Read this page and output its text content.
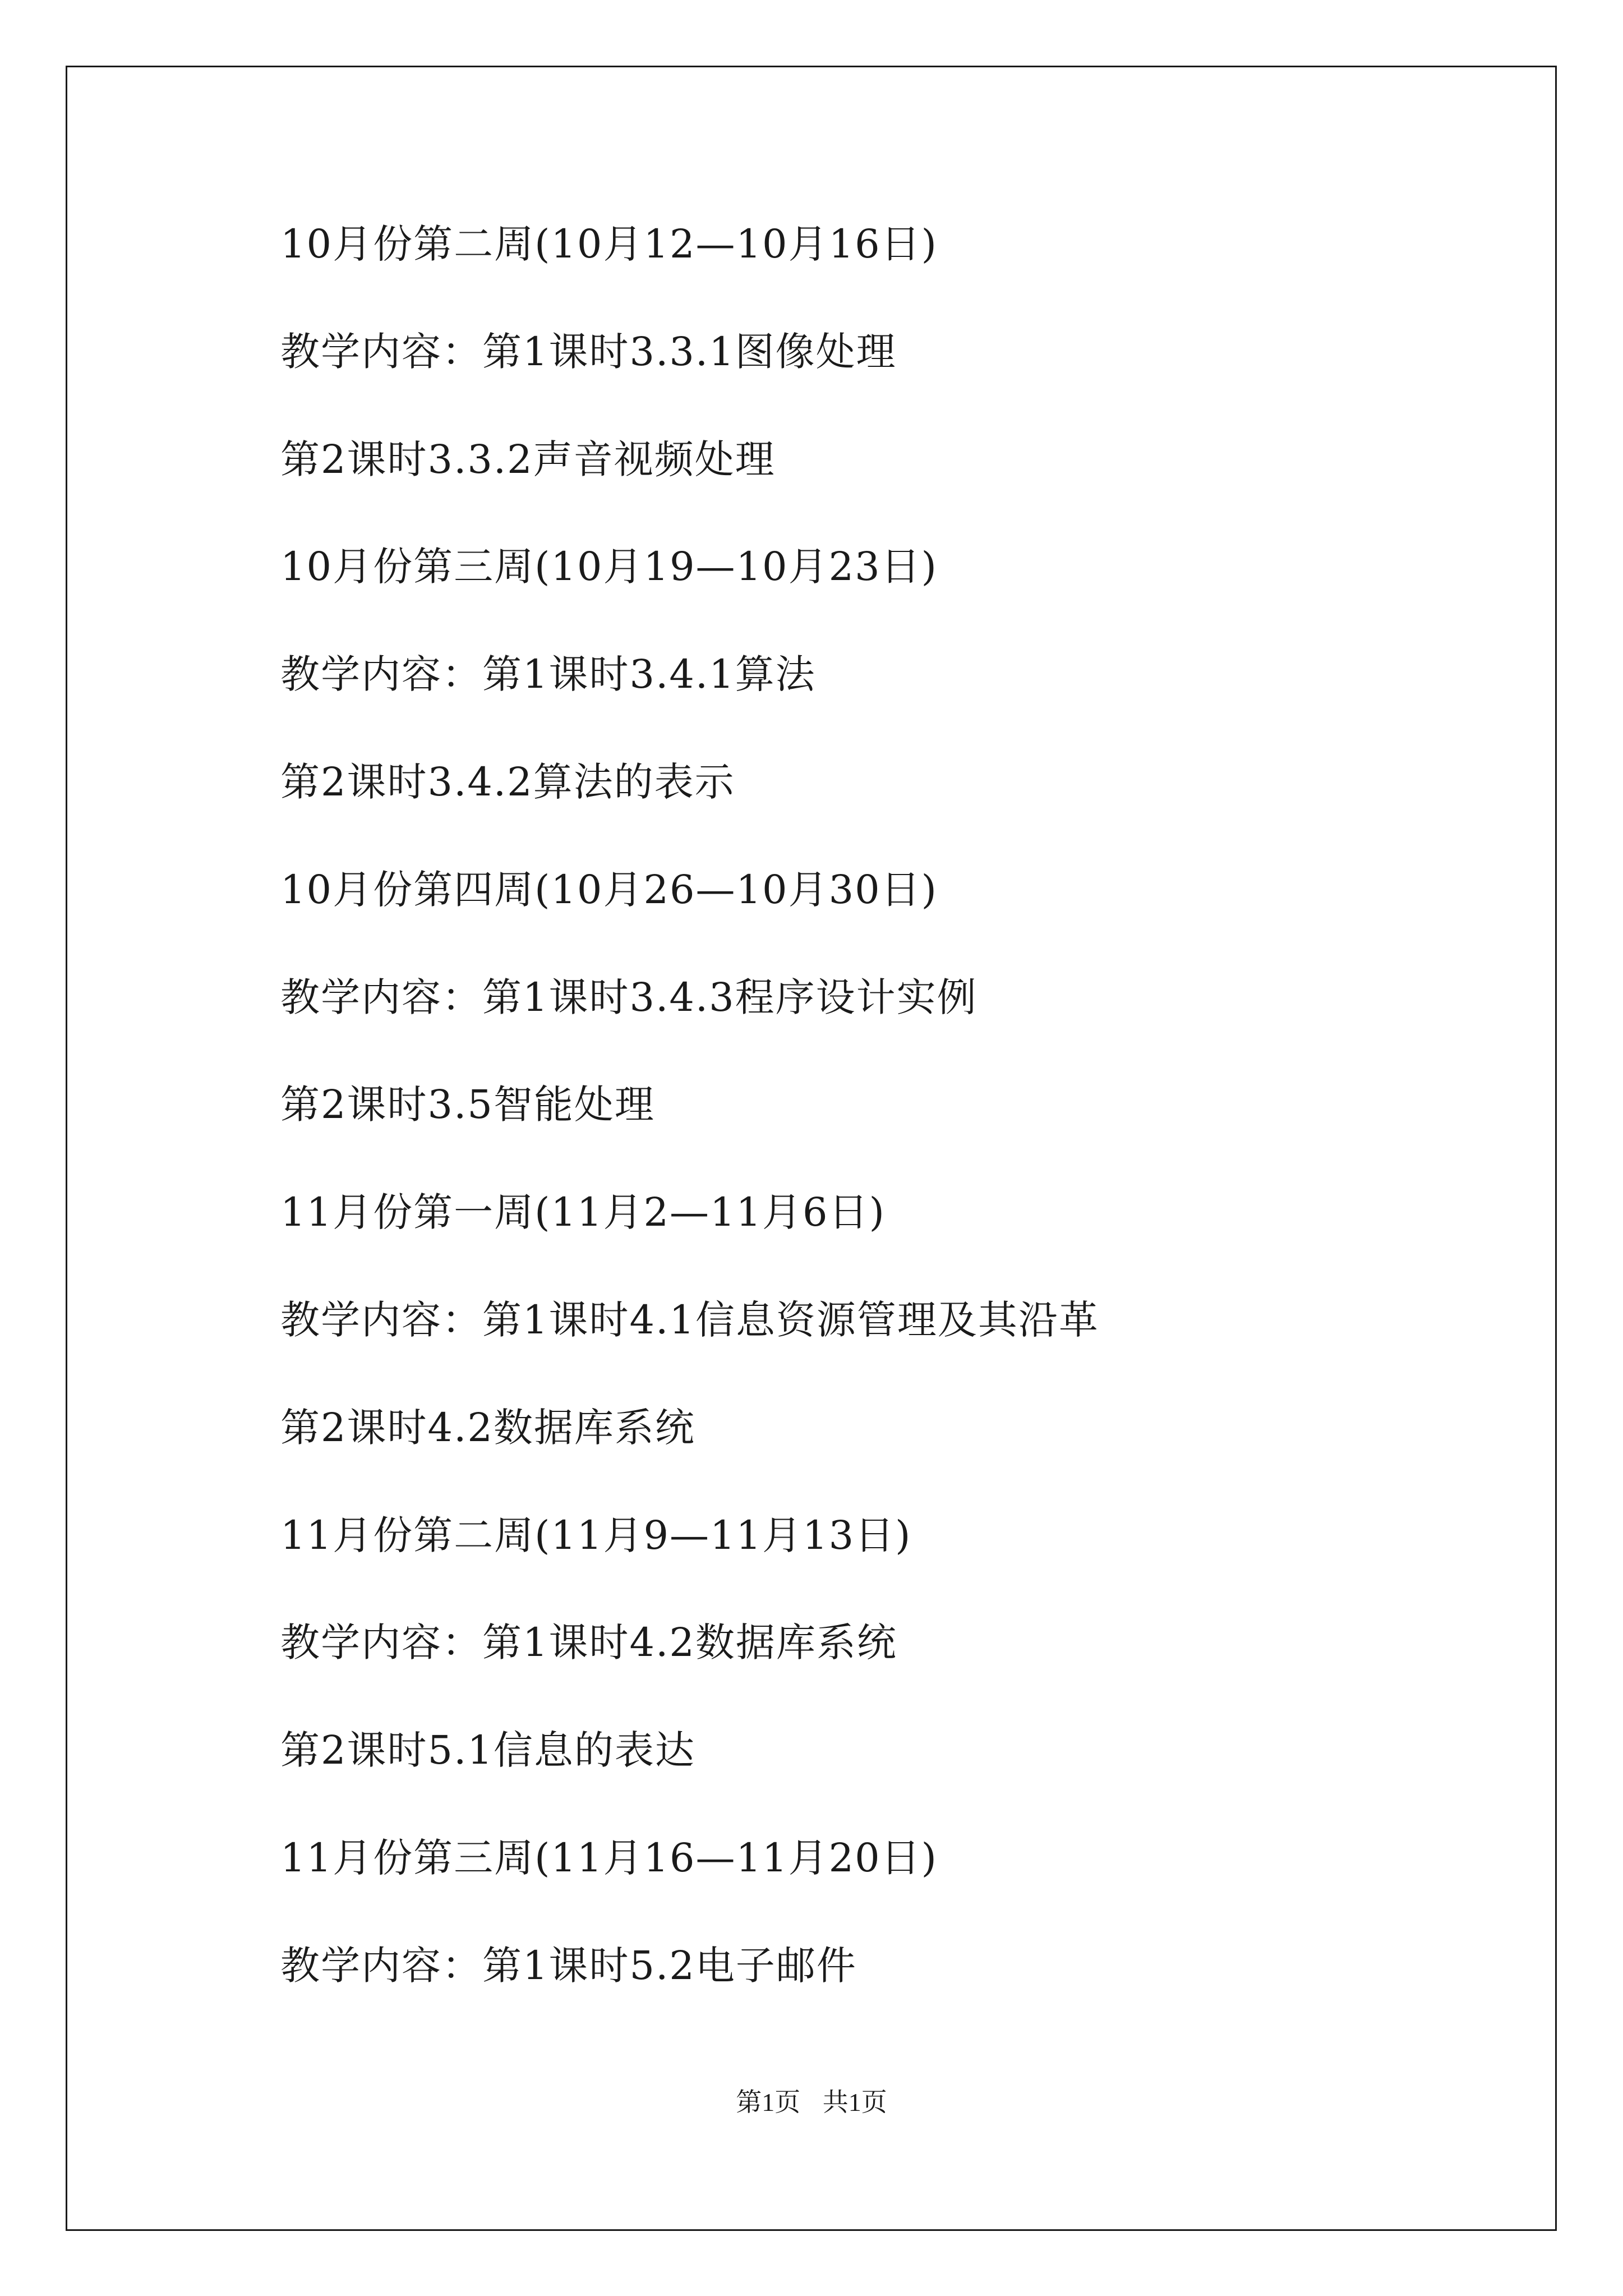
10月份第二周(10月12—10月16日)
教学内容：第1课时3.3.1图像处理
第2课时3.3.2声音视频处理
10月份第三周(10月19—10月23日)
教学内容：第1课时3.4.1算法
第2课时3.4.2算法的表示
10月份第四周(10月26—10月30日)
教学内容：第1课时3.4.3程序设计实例
第2课时3.5智能处理
11月份第一周(11月2—11月6日)
教学内容：第1课时4.1信息资源管理及其沿革
第2课时4.2数据库系统
11月份第二周(11月9—11月13日)
教学内容：第1课时4.2数据库系统
第2课时5.1信息的表达
11月份第三周(11月16—11月20日)
教学内容：第1课时5.2电子邮件
第1页 共1页
